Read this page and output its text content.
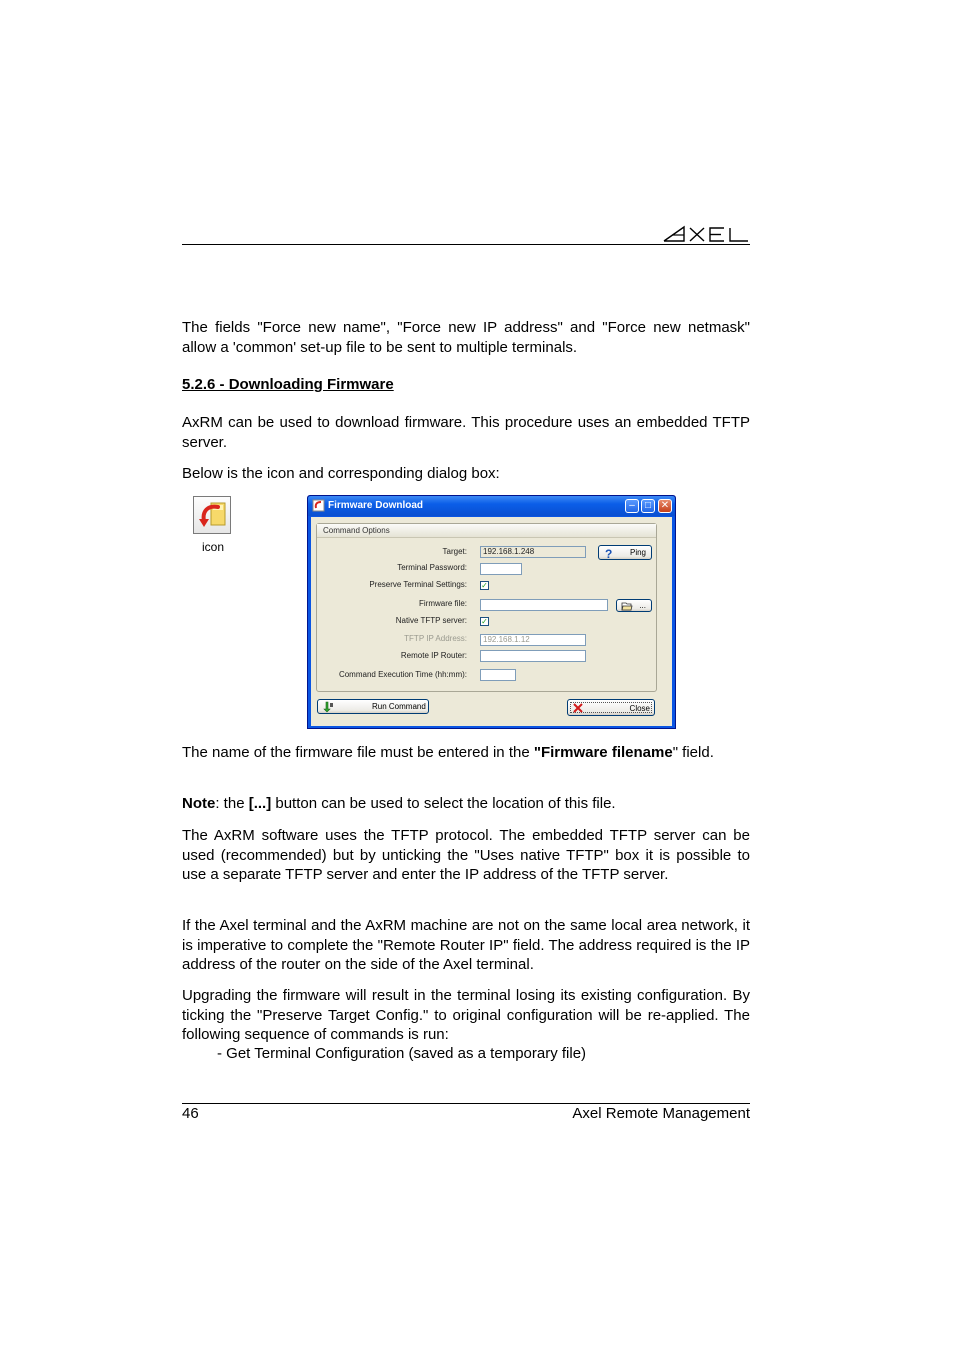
The fields "Force new name", "Force new IP address" and "Force new netmask" allow a 'common' set-up file to be sent to multiple terminals.

5.2.6 - Downloading Firmware

AxRM can be used to download firmware. This procedure uses an embedded TFTP server.

Below is the icon and corresponding dialog box:

icon
Firmware Download	–	□ ✕
Command Options
Target:	192.168.1.248	? Ping
Terminal Password:
Preserve Terminal Settings: ✓
Firmware file:	...
Native TFTP server: ✓
TFTP IP Address:	192.168.1.12
Remote IP Router:
Command Execution Time (hh:mm):
Run Command	Close

The name of the firmware file must be entered in the "Firmware filename" field.

Note: the [...] button can be used to select the location of this file.

The AxRM software uses the TFTP protocol. The embedded TFTP server can be used (recommended) but by unticking the "Uses native TFTP" box it is possible to use a separate TFTP server and enter the IP address of the TFTP server.

If the Axel terminal and the AxRM machine are not on the same local area network, it is imperative to complete the "Remote Router IP" field. The address required is the IP address of the router on the side of the Axel terminal.

Upgrading the firmware will result in the terminal losing its existing configuration. By ticking the "Preserve Target Config." to original configuration will be re-applied. The following sequence of commands is run:

- Get Terminal Configuration (saved as a temporary file)

46	Axel Remote Management
